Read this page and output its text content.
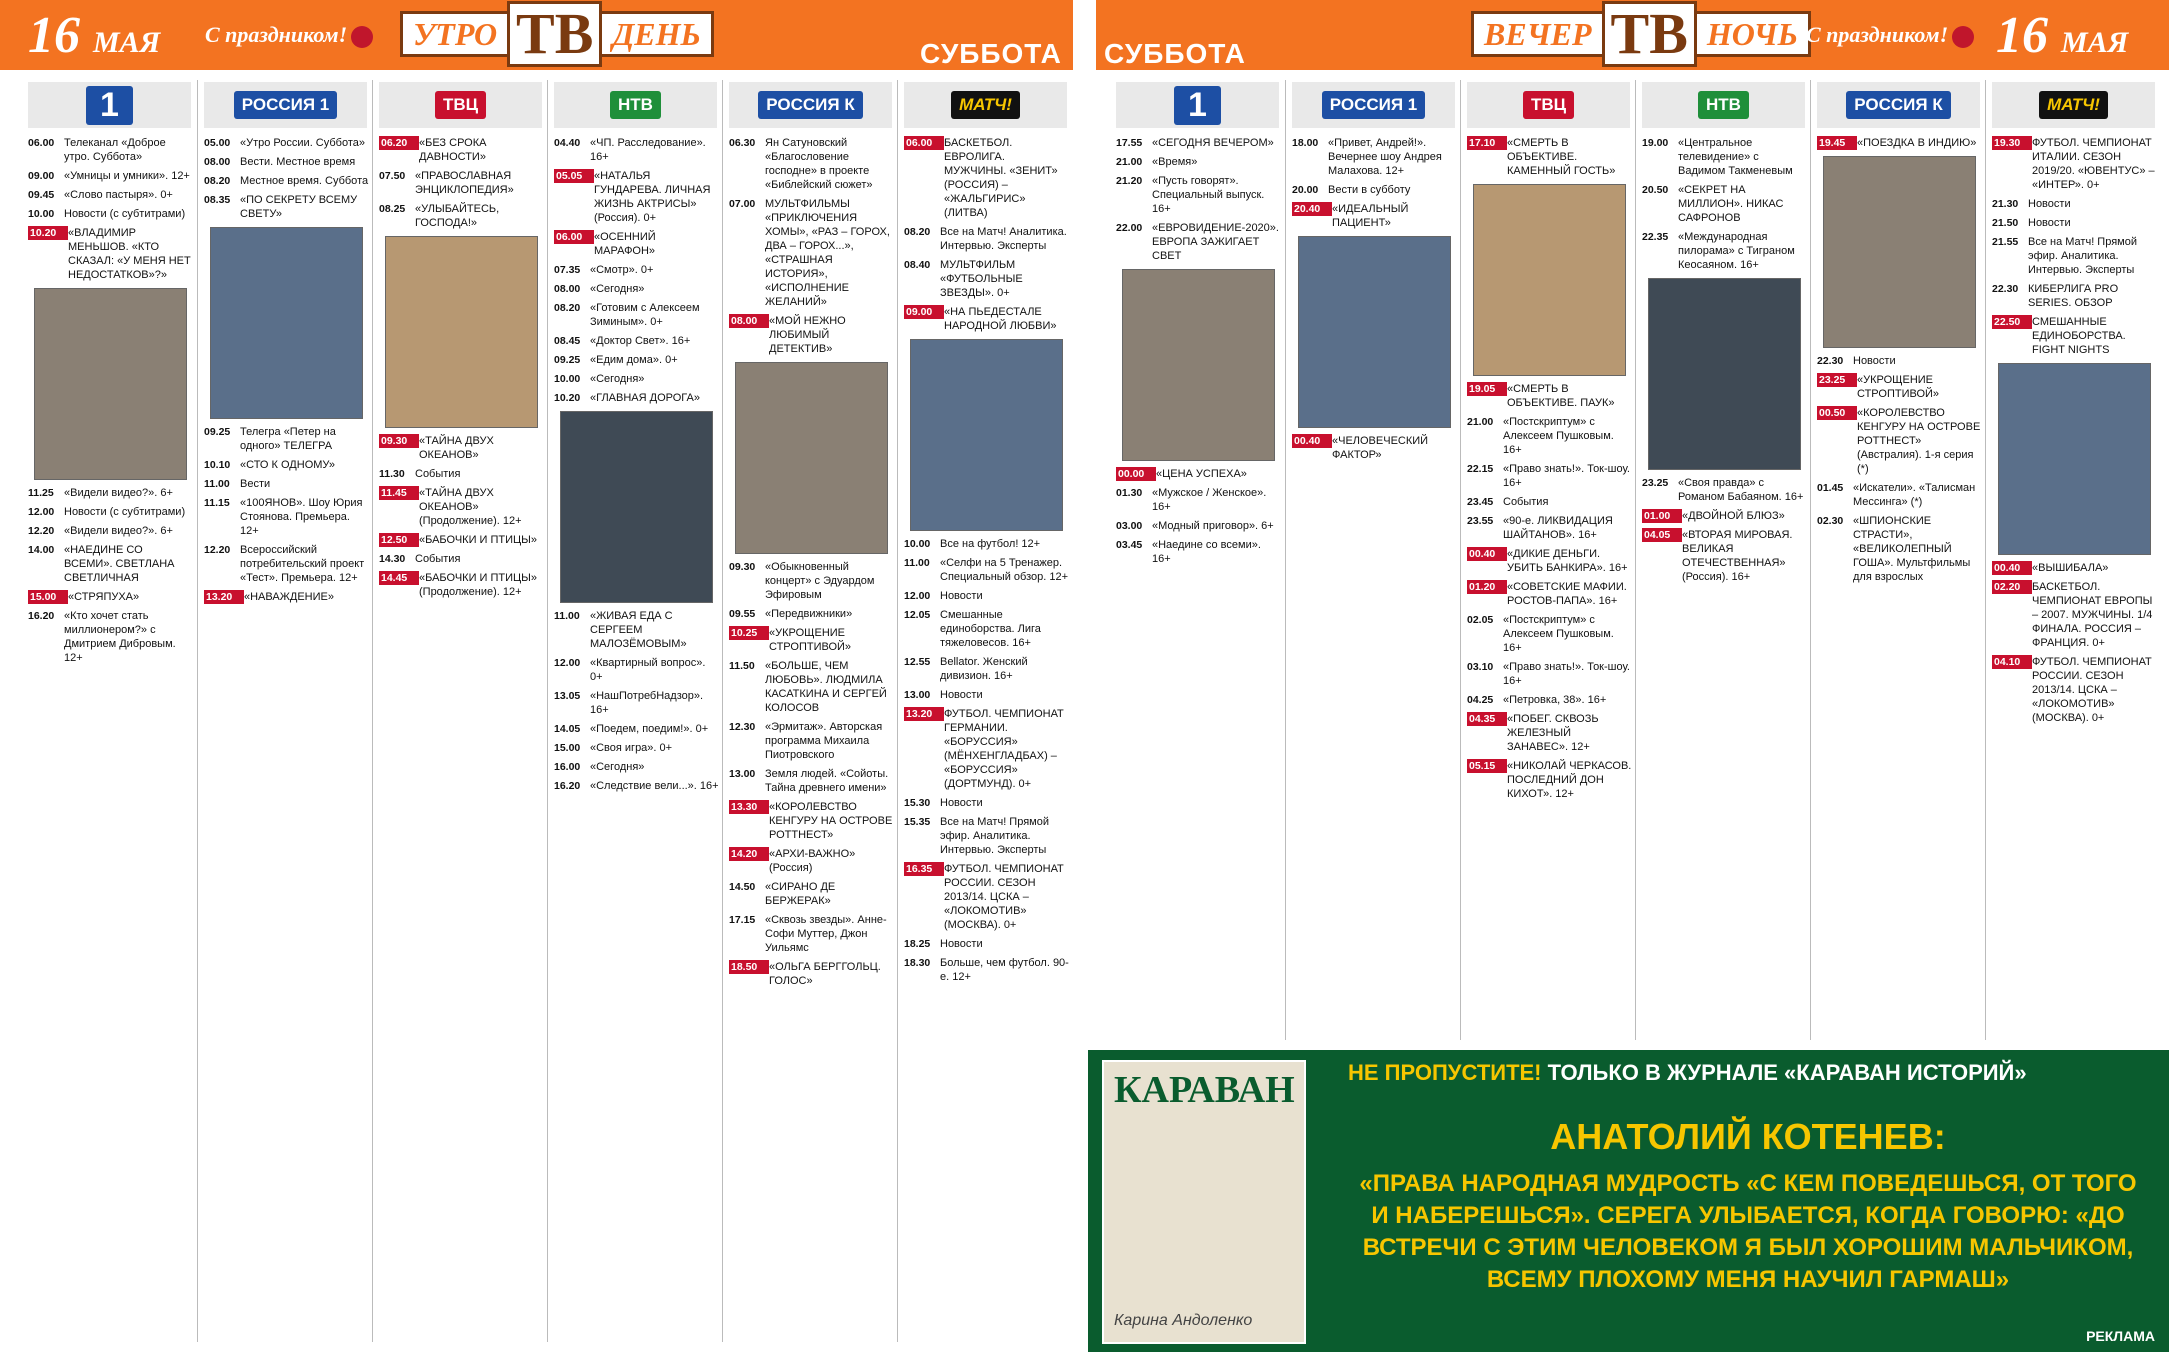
16 МАЯ С праздником!	УТРО ТВ ДЕНЬ
СУББОТА СУББОТА
ВЕЧЕР ТВ НОЧЬ С праздником! 16 МАЯ
1
06.00 Телеканал «Доброе утро. Суббота»
09.00 «Умницы и умники». 12+
09.45 «Слово пастыря». 0+
10.00 Новости (с субтитрами)
10.20	«ВЛАДИМИР МЕНЬШОВ. «КТО СКАЗАЛ: «У МЕНЯ НЕТ НЕДОСТАТКОВ»?»
11.25 «Видели видео?». 6+
12.00 Новости (с субтитрами)
12.20 «Видели видео?». 6+
14.00 «НАЕДИНЕ СО ВСЕМИ». СВЕТЛАНА СВЕТЛИЧНАЯ
15.00	«СТРЯПУХА»
16.20 «Кто хочет стать миллионером?» с Дмитрием Дибровым. 12+
РОССИЯ 1
05.00 «Утро России. Суббота»
08.00 Вести. Местное время
08.20 Местное время. Суббота
08.35 «ПО СЕКРЕТУ ВСЕМУ СВЕТУ»
09.25 Телегра «Петер на одного» ТЕЛЕГРА
10.10 «СТО К ОДНОМУ»
11.00 Вести
11.15 «100ЯНОВ». Шоу Юрия Стоянова. Премьера. 12+
12.20 Всероссийский потребительский проект «Тест». Премьера. 12+
13.20	«НАВАЖДЕНИЕ»
ТВЦ
06.20	«БЕЗ СРОКА ДАВНОСТИ»
07.50 «ПРАВОСЛАВНАЯ ЭНЦИКЛОПЕДИЯ»
08.25 «УЛЫБАЙТЕСЬ, ГОСПОДА!»
09.30	«ТАЙНА ДВУХ ОКЕАНОВ»
11.30 События
11.45	«ТАЙНА ДВУХ ОКЕАНОВ» (Продолжение). 12+
12.50	«БАБОЧКИ И ПТИЦЫ»
14.30 События
14.45	«БАБОЧКИ И ПТИЦЫ» (Продолжение). 12+
НТВ
04.40 «ЧП. Расследование». 16+
05.05	«НАТАЛЬЯ ГУНДАРЕВА. ЛИЧНАЯ ЖИЗНЬ АКТРИСЫ» (Россия). 0+
06.00	«ОСЕННИЙ МАРАФОН»
07.35 «Смотр». 0+
08.00 «Сегодня»
08.20 «Готовим с Алексеем Зиминым». 0+
08.45 «Доктор Свет». 16+
09.25 «Едим дома». 0+
10.00 «Сегодня»
10.20 «ГЛАВНАЯ ДОРОГА»
11.00 «ЖИВАЯ ЕДА С СЕРГЕЕМ МАЛОЗЁМОВЫМ»
12.00 «Квартирный вопрос». 0+
13.05 «НашПотребНадзор». 16+
14.05 «Поедем, поедим!». 0+
15.00 «Своя игра». 0+
16.00 «Сегодня»
16.20 «Следствие вели...». 16+
РОССИЯ К
06.30 Ян Сатуновский «Благословение господне» в проекте «Библейский сюжет»
07.00 МУЛЬТФИЛЬМЫ «ПРИКЛЮЧЕНИЯ ХОМЫ», «РАЗ – ГОРОХ, ДВА – ГОРОХ...», «СТРАШНАЯ ИСТОРИЯ», «ИСПОЛНЕНИЕ ЖЕЛАНИЙ»
08.00	«МОЙ НЕЖНО ЛЮБИМЫЙ ДЕТЕКТИВ»
09.30 «Обыкновенный концерт» с Эдуардом Эфировым
09.55 «Передвижники»
10.25	«УКРОЩЕНИЕ СТРОПТИВОЙ»
11.50 «БОЛЬШЕ, ЧЕМ ЛЮБОВЬ». ЛЮДМИЛА КАСАТКИНА И СЕРГЕЙ КОЛОСОВ
12.30 «Эрмитаж». Авторская программа Михаила Пиотровского
13.00 Земля людей. «Сойоты. Тайна древнего имени»
13.30	«КОРОЛЕВСТВО КЕНГУРУ НА ОСТРОВЕ РОТТНЕСТ»
14.20	«АРХИ-ВАЖНО» (Россия)
14.50 «СИРАНО ДЕ БЕРЖЕРАК»
17.15 «Сквозь звезды». Анне-Софи Муттер, Джон Уильямс
18.50	«ОЛЬГА БЕРГГОЛЬЦ. ГОЛОС»
МАТЧ!
06.00	БАСКЕТБОЛ. ЕВРОЛИГА. МУЖЧИНЫ. «ЗЕНИТ» (РОССИЯ) – «ЖАЛЬГИРИС» (ЛИТВА)
08.20 Все на Матч! Аналитика. Интервью. Эксперты
08.40 МУЛЬТФИЛЬМ «ФУТБОЛЬНЫЕ ЗВЕЗДЫ». 0+
09.00	«НА ПЬЕДЕСТАЛЕ НАРОДНОЙ ЛЮБВИ»
10.00 Все на футбол! 12+
11.00 «Селфи на 5 Тренажер. Специальный обзор. 12+
12.00 Новости
12.05 Смешанные единоборства. Лига тяжеловесов. 16+
12.55 Bellator. Женский дивизион. 16+
13.00 Новости
13.20	ФУТБОЛ. ЧЕМПИОНАТ ГЕРМАНИИ. «БОРУССИЯ» (МЁНХЕНГЛАДБАХ) – «БОРУССИЯ» (ДОРТМУНД). 0+
15.30 Новости
15.35 Все на Матч! Прямой эфир. Аналитика. Интервью. Эксперты
16.35	ФУТБОЛ. ЧЕМПИОНАТ РОССИИ. СЕЗОН 2013/14. ЦСКА – «ЛОКОМОТИВ» (МОСКВА). 0+
18.25 Новости
18.30 Больше, чем футбол. 90-е. 12+
1
17.55 «СЕГОДНЯ ВЕЧЕРОМ»
21.00 «Время»
21.20 «Пусть говорят». Специальный выпуск. 16+
22.00 «ЕВРОВИДЕНИЕ-2020». ЕВРОПА ЗАЖИГАЕТ СВЕТ
00.00	«ЦЕНА УСПЕХА»
01.30 «Мужское / Женское». 16+
03.00 «Модный приговор». 6+
03.45 «Наедине со всеми». 16+
РОССИЯ 1
18.00 «Привет, Андрей!». Вечернее шоу Андрея Малахова. 12+
20.00 Вести в субботу
20.40	«ИДЕАЛЬНЫЙ ПАЦИЕНТ»
00.40	«ЧЕЛОВЕЧЕСКИЙ ФАКТОР»
ТВЦ
17.10	«СМЕРТЬ В ОБЪЕКТИВЕ. КАМЕННЫЙ ГОСТЬ»
19.05	«СМЕРТЬ В ОБЪЕКТИВЕ. ПАУК»
21.00 «Постскриптум» с Алексеем Пушковым. 16+
22.15 «Право знать!». Ток-шоу. 16+
23.45 События
23.55 «90-е. ЛИКВИДАЦИЯ ШАЙТАНОВ». 16+
00.40	«ДИКИЕ ДЕНЬГИ. УБИТЬ БАНКИРА». 16+
01.20	«СОВЕТСКИЕ МАФИИ. РОСТОВ-ПАПА». 16+
02.05 «Постскриптум» с Алексеем Пушковым. 16+
03.10 «Право знать!». Ток-шоу. 16+
04.25 «Петровка, 38». 16+
04.35	«ПОБЕГ. СКВОЗЬ ЖЕЛЕЗНЫЙ ЗАНАВЕС». 12+
05.15	«НИКОЛАЙ ЧЕРКАСОВ. ПОСЛЕДНИЙ ДОН КИХОТ». 12+
НТВ
19.00 «Центральное телевидение» с Вадимом Такменевым
20.50 «СЕКРЕТ НА МИЛЛИОН». НИКАС САФРОНОВ
22.35 «Международная пилорама» с Тиграном Кеосаяном. 16+
23.25 «Своя правда» с Романом Бабаяном. 16+
01.00	«ДВОЙНОЙ БЛЮЗ»
04.05	«ВТОРАЯ МИРОВАЯ. ВЕЛИКАЯ ОТЕЧЕСТВЕННАЯ» (Россия). 16+
РОССИЯ К
19.45	«ПОЕЗДКА В ИНДИЮ»
22.30 Новости
23.25	«УКРОЩЕНИЕ СТРОПТИВОЙ»
00.50	«КОРОЛЕВСТВО КЕНГУРУ НА ОСТРОВЕ РОТТНЕСТ» (Австралия). 1-я серия (*)
01.45 «Искатели». «Талисман Мессинга» (*)
02.30 «ШПИОНСКИЕ СТРАСТИ», «ВЕЛИКОЛЕПНЫЙ ГОША». Мультфильмы для взрослых
МАТЧ!
19.30	ФУТБОЛ. ЧЕМПИОНАТ ИТАЛИИ. СЕЗОН 2019/20. «ЮВЕНТУС» – «ИНТЕР». 0+
21.30 Новости
21.50 Новости
21.55 Все на Матч! Прямой эфир. Аналитика. Интервью. Эксперты
22.30 КИБЕРЛИГА PRO SERIES. ОБЗОР
22.50	СМЕШАННЫЕ ЕДИНОБОРСТВА. FIGHT NIGHTS
00.40	«ВЫШИБАЛА»
02.20	БАСКЕТБОЛ. ЧЕМПИОНАТ ЕВРОПЫ – 2007. МУЖЧИНЫ. 1/4 ФИНАЛА. РОССИЯ – ФРАНЦИЯ. 0+
04.10	ФУТБОЛ. ЧЕМПИОНАТ РОССИИ. СЕЗОН 2013/14. ЦСКА – «ЛОКОМОТИВ» (МОСКВА). 0+
КАРАВАН
Карина Андоленко
НЕ ПРОПУСТИТЕ! ТОЛЬКО В ЖУРНАЛЕ «КАРАВАН ИСТОРИЙ»
АНАТОЛИЙ КОТЕНЕВ:
«ПРАВА НАРОДНАЯ МУДРОСТЬ «С КЕМ ПОВЕДЕШЬСЯ, ОТ ТОГО И НАБЕРЕШЬСЯ». СЕРЕГА УЛЫБАЕТСЯ, КОГДА ГОВОРЮ: «ДО ВСТРЕЧИ С ЭТИМ ЧЕЛОВЕКОМ Я БЫЛ ХОРОШИМ МАЛЬЧИКОМ, ВСЕМУ ПЛОХОМУ МЕНЯ НАУЧИЛ ГАРМАШ»
РЕКЛАМА
